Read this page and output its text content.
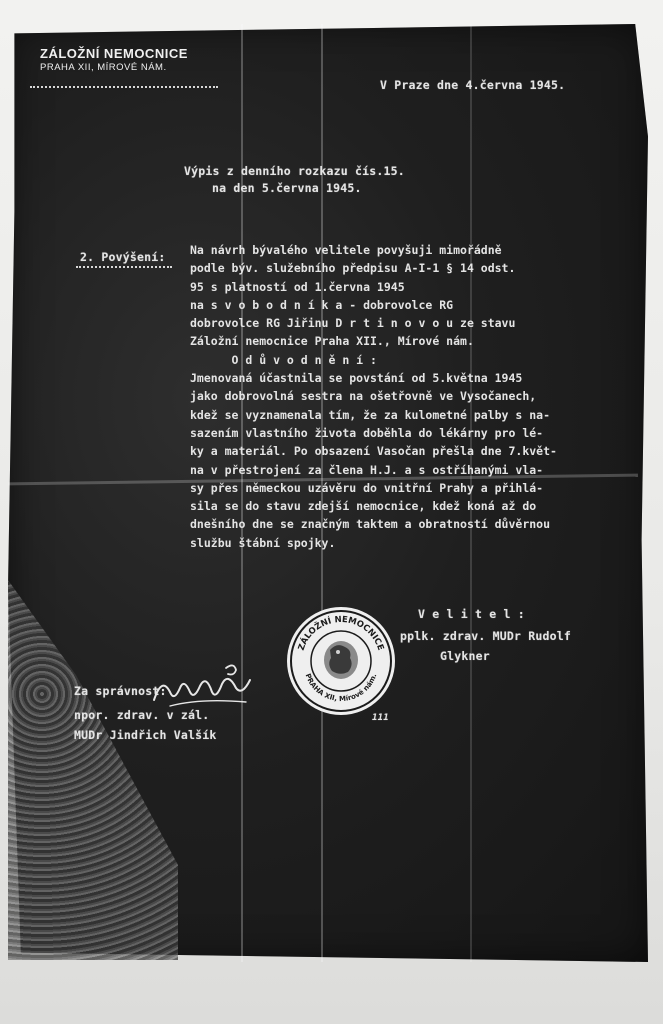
ZÁLOŽNÍ NEMOCNICE
PRAHA XII, MÍROVÉ NÁM.
V Praze dne 4.června 1945.
Výpis z denního rozkazu čís.15.
na den 5.června 1945.
2. Povýšení: Na návrh bývalého velitele povyšuji mimořádně
podle býv. služebního předpisu A-I-1 § 14 odst.
95 s platností od 1.června 1945
na s v o b o d n í k a - dobrovolce RG
dobrovolce RG Jiřinu D r t i n o v o u ze stavu
Záložní nemocnice Praha XII., Mírové nám.
O d ů v o d n ě n í :
Jmenovaná účastnila se povstání od 5.května 1945
jako dobrovolná sestra na ošetřovně ve Vysočanech,
kdež se vyznamenala tím, že za kulometné palby s na-
sazením vlastního života doběhla do lékárny pro lé-
ky a materiál. Po obsazení Vasočan přešla dne 7.květ-
na v přestrojení za člena H.J. a s ostříhanými vla-
sy přes německou uzávěru do vnitřní Prahy a přihlá-
sila se do stavu zdejší nemocnice, kdež koná až do
dnešního dne se značným taktem a obratností důvěrnou
službu štábní spojky.
V e l i t e l :
pplk. zdrav. MUDr Rudolf
Glykner
ZÁLOŽNÍ NEMOCNICE
PRAHA XII, Mírové nám.
111
Za správnost:
npor. zdrav. v zál.
MUDr Jindřich Valšík
